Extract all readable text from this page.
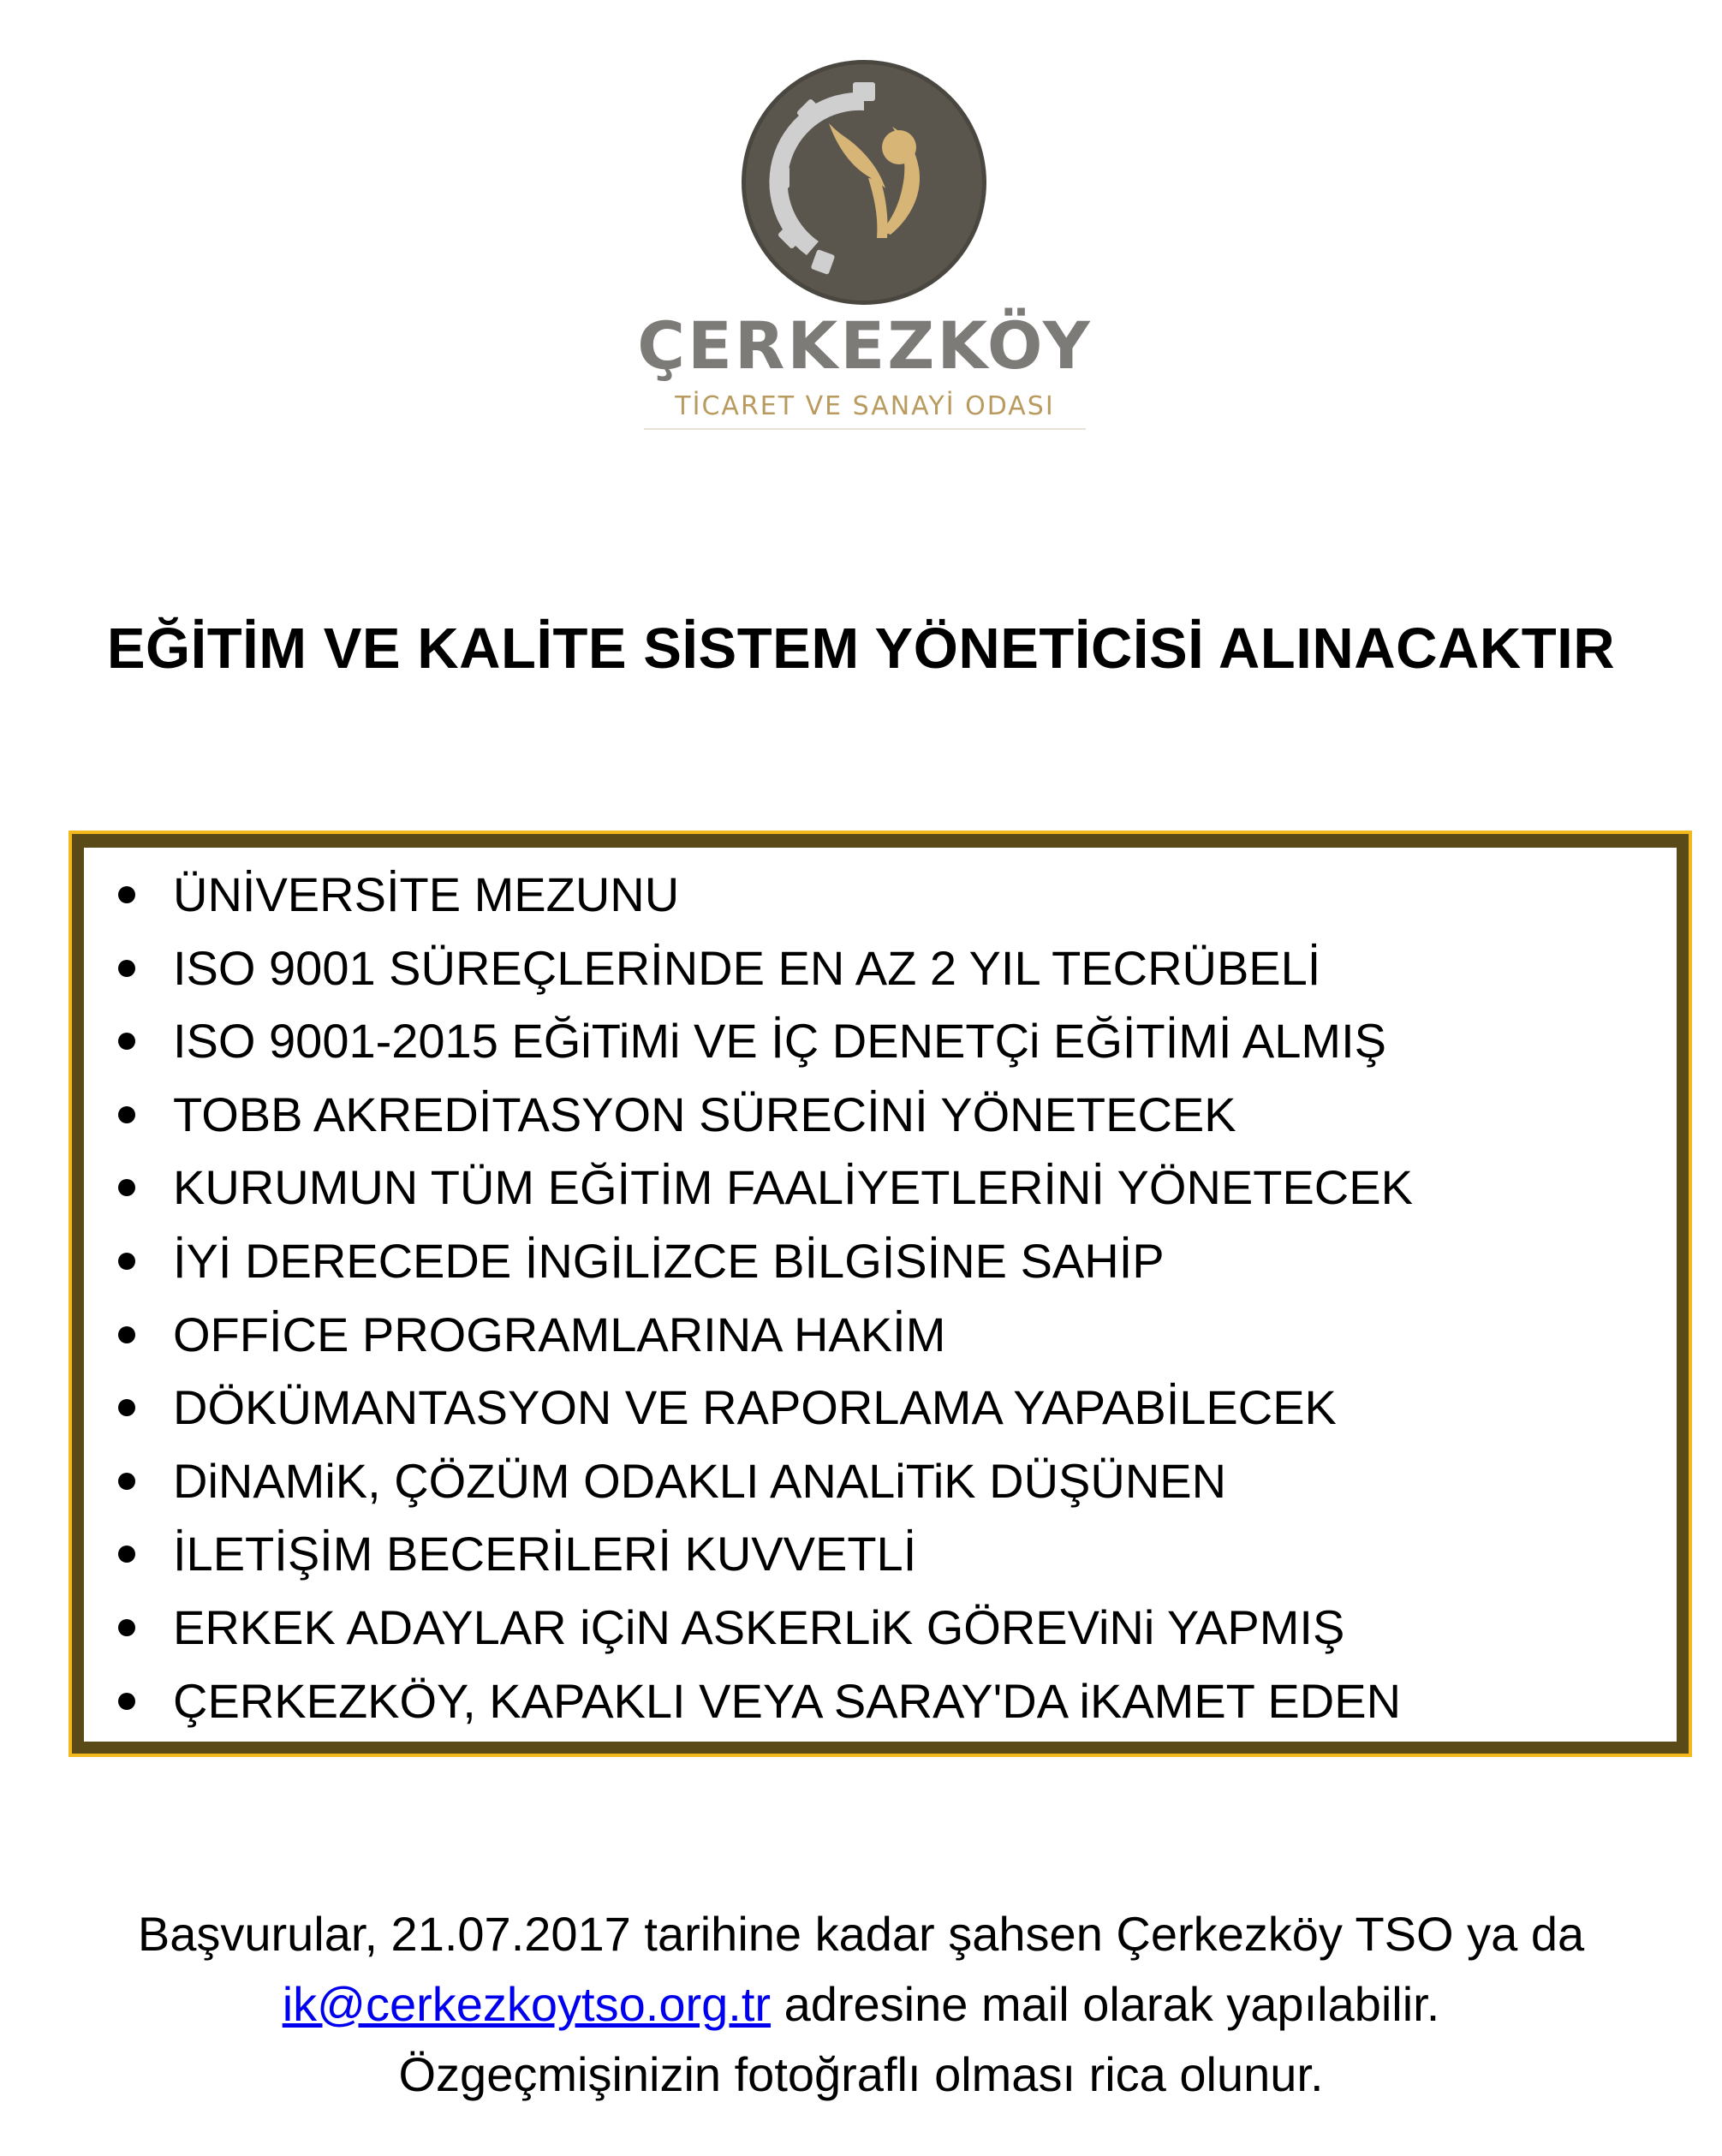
ÇERKEZKÖY
TİCARET VE SANAYİ ODASI
EĞİTİM VE KALİTE SİSTEM YÖNETİCİSİ ALINACAKTIR
ÜNİVERSİTE MEZUNU
ISO 9001 SÜREÇLERİNDE EN AZ 2 YIL TECRÜBELİ
ISO 9001-2015 EĞiTiMi VE İÇ DENETÇi EĞİTİMİ ALMIŞ
TOBB AKREDİTASYON SÜRECİNİ YÖNETECEK
KURUMUN TÜM EĞİTİM FAALİYETLERİNİ YÖNETECEK
İYİ DERECEDE İNGİLİZCE BİLGİSİNE SAHİP
OFFİCE PROGRAMLARINA HAKİM
DÖKÜMANTASYON VE RAPORLAMA YAPABİLECEK
DiNAMiK, ÇÖZÜM ODAKLI ANALiTiK DÜŞÜNEN
İLETİŞİM BECERİLERİ KUVVETLİ
ERKEK ADAYLAR iÇiN ASKERLiK GÖREViNi YAPMIŞ
ÇERKEZKÖY, KAPAKLI VEYA SARAY'DA iKAMET EDEN

Başvurular, 21.07.2017 tarihine kadar şahsen Çerkezköy TSO ya da

ik@cerkezkoytso.org.tr adresine mail olarak yapılabilir.

Özgeçmişinizin fotoğraflı olması rica olunur.
